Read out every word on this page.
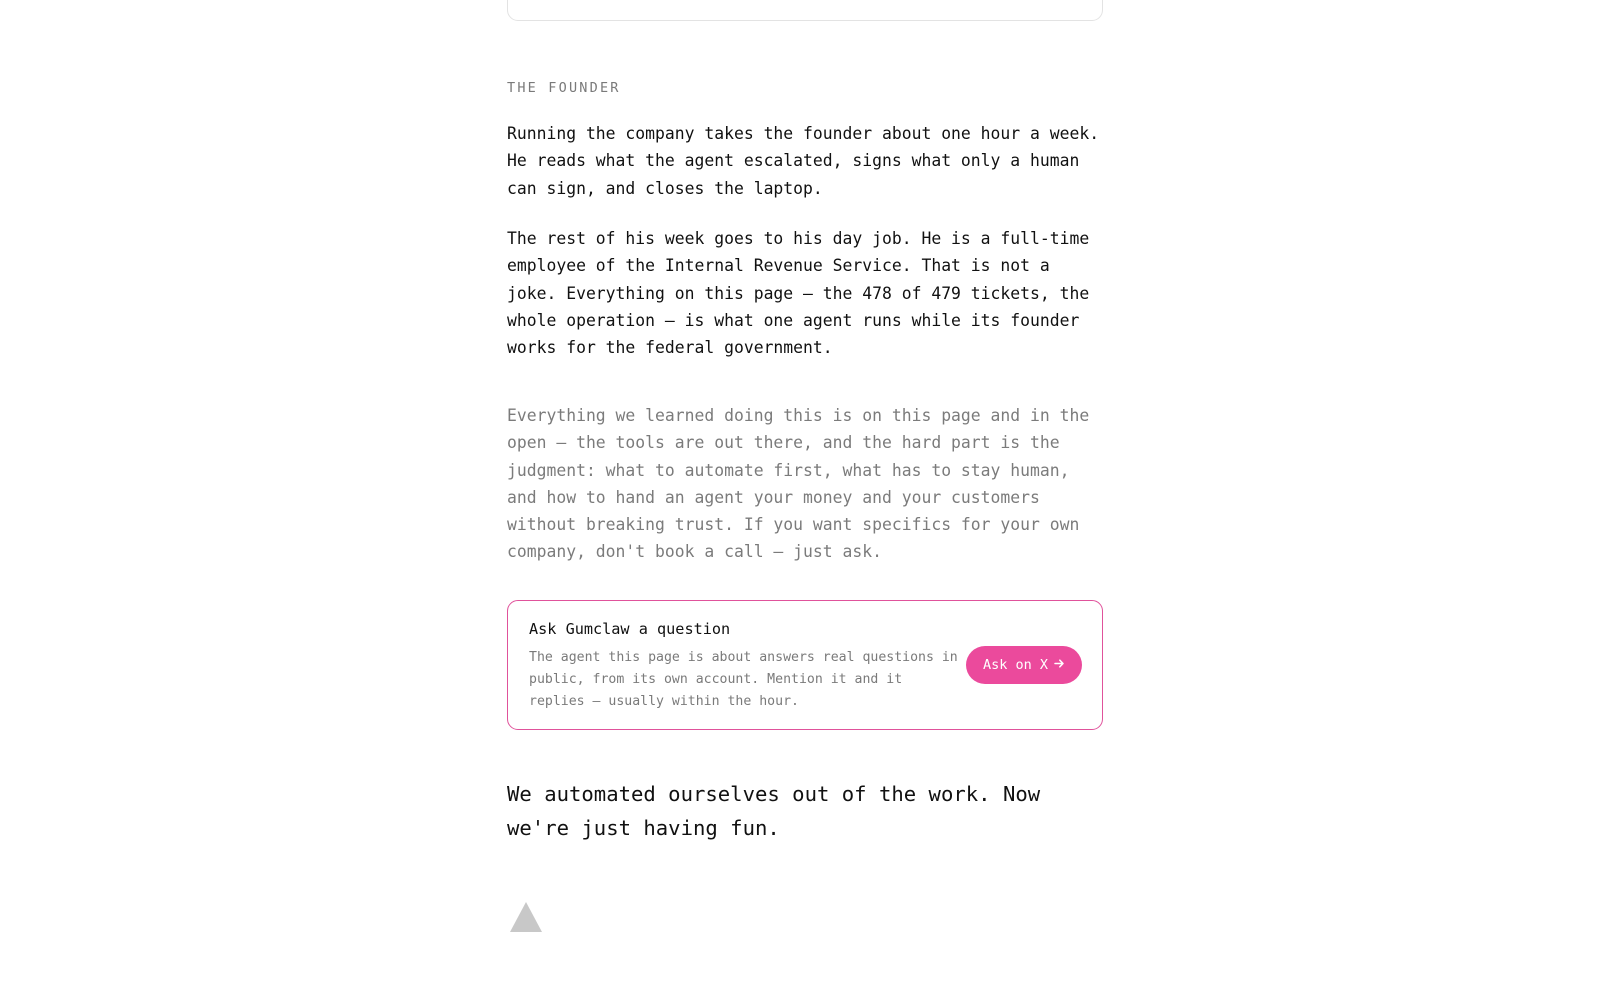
THE FOUNDER

Running the company takes the founder about one hour a week. He reads what the agent escalated, signs what only a human can sign, and closes the laptop.

The rest of his week goes to his day job. He is a full-time employee of the Internal Revenue Service. That is not a joke. Everything on this page — the 478 of 479 tickets, the whole operation — is what one agent runs while its founder works for the federal government.

Everything we learned doing this is on this page and in the open — the tools are out there, and the hard part is the judgment: what to automate first, what has to stay human, and how to hand an agent your money and your customers without breaking trust. If you want specifics for your own company, don't book a call — just ask.

Ask Gumclaw a question

The agent this page is about answers real questions in public, from its own account. Mention it and it replies — usually within the hour.

Ask on X

We automated ourselves out of the work. Now we're just having fun.
